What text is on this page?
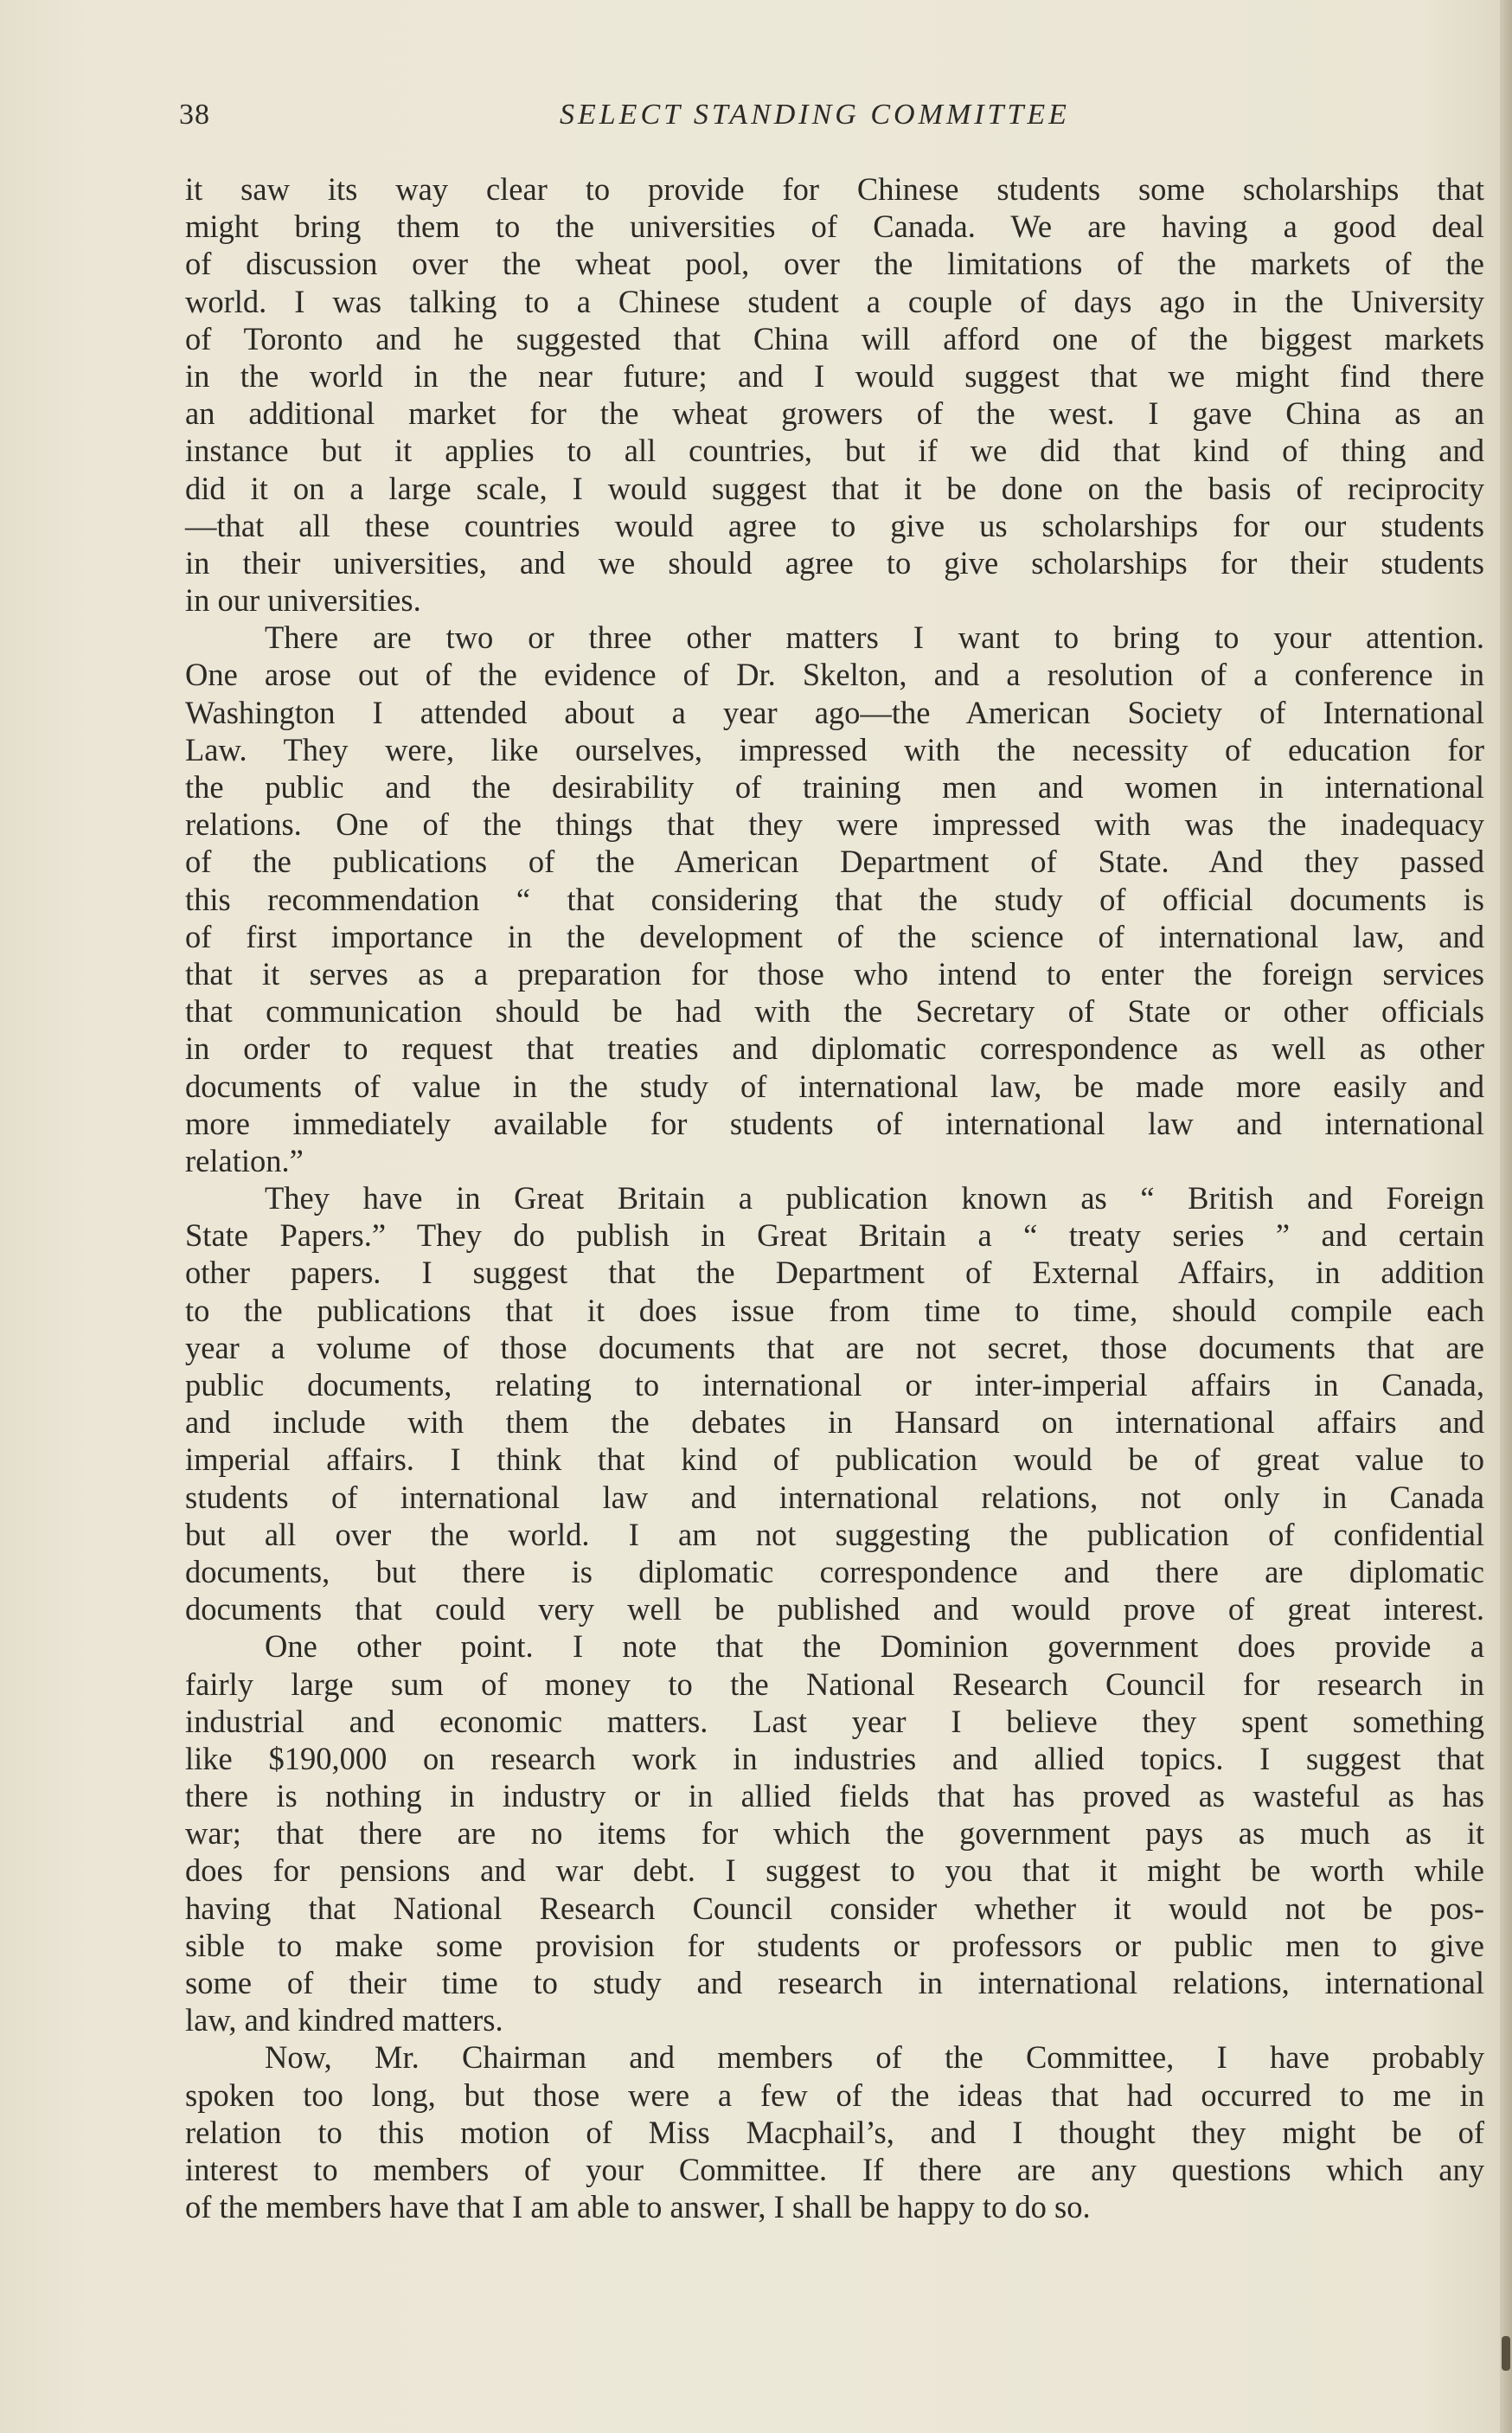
38	SELECT STANDING COMMITTEE
it saw its way clear to provide for Chinese students some scholarships that
might bring them to the universities of Canada. We are having a good deal
of discussion over the wheat pool, over the limitations of the markets of the
world. I was talking to a Chinese student a couple of days ago in the University
of Toronto and he suggested that China will afford one of the biggest markets
in the world in the near future; and I would suggest that we might find there
an additional market for the wheat growers of the west. I gave China as an
instance but it applies to all countries, but if we did that kind of thing and
did it on a large scale, I would suggest that it be done on the basis of reciprocity
—that all these countries would agree to give us scholarships for our students
in their universities, and we should agree to give scholarships for their students
in our universities.
There are two or three other matters I want to bring to your attention.
One arose out of the evidence of Dr. Skelton, and a resolution of a conference in
Washington I attended about a year ago—the American Society of International
Law. They were, like ourselves, impressed with the necessity of education for
the public and the desirability of training men and women in international
relations. One of the things that they were impressed with was the inadequacy
of the publications of the American Department of State. And they passed
this recommendation “ that considering that the study of official documents is
of first importance in the development of the science of international law, and
that it serves as a preparation for those who intend to enter the foreign services
that communication should be had with the Secretary of State or other officials
in order to request that treaties and diplomatic correspondence as well as other
documents of value in the study of international law, be made more easily and
more immediately available for students of international law and international
relation.”
They have in Great Britain a publication known as “ British and Foreign
State Papers.” They do publish in Great Britain a “ treaty series ” and certain
other papers. I suggest that the Department of External Affairs, in addition
to the publications that it does issue from time to time, should compile each
year a volume of those documents that are not secret, those documents that are
public documents, relating to international or inter-imperial affairs in Canada,
and include with them the debates in Hansard on international affairs and
imperial affairs. I think that kind of publication would be of great value to
students of international law and international relations, not only in Canada
but all over the world. I am not suggesting the publication of confidential
documents, but there is diplomatic correspondence and there are diplomatic
documents that could very well be published and would prove of great interest.
One other point. I note that the Dominion government does provide a
fairly large sum of money to the National Research Council for research in
industrial and economic matters. Last year I believe they spent something
like $190,000 on research work in industries and allied topics. I suggest that
there is nothing in industry or in allied fields that has proved as wasteful as has
war; that there are no items for which the government pays as much as it
does for pensions and war debt. I suggest to you that it might be worth while
having that National Research Council consider whether it would not be pos-
sible to make some provision for students or professors or public men to give
some of their time to study and research in international relations, international
law, and kindred matters.
Now, Mr. Chairman and members of the Committee, I have probably
spoken too long, but those were a few of the ideas that had occurred to me in
relation to this motion of Miss Macphail’s, and I thought they might be of
interest to members of your Committee. If there are any questions which any
of the members have that I am able to answer, I shall be happy to do so.
